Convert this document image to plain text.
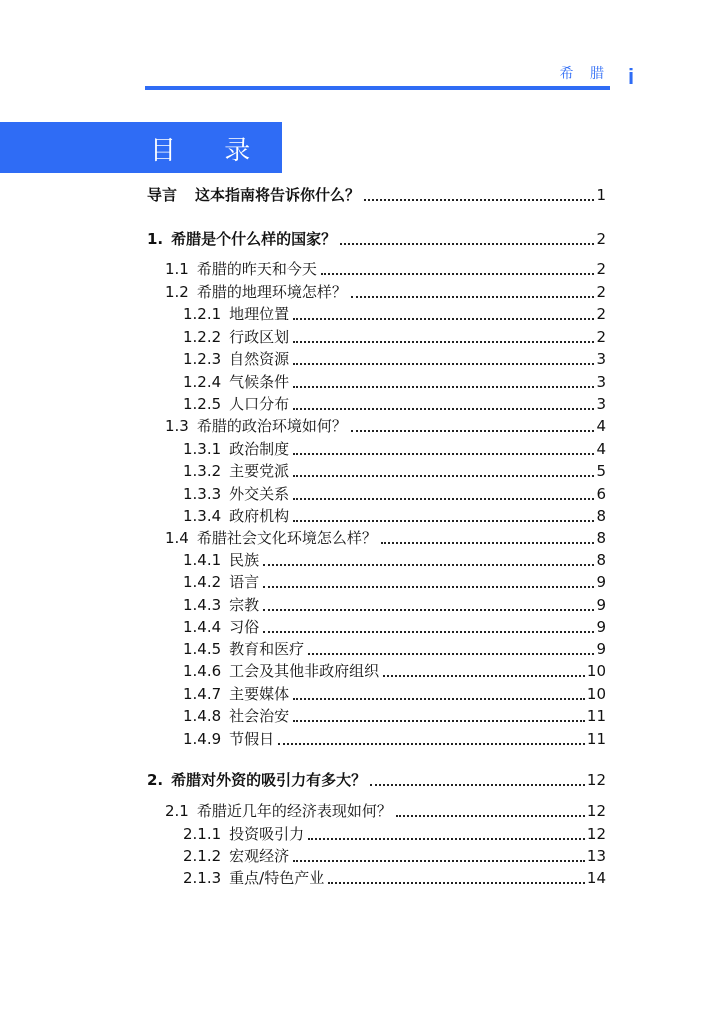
希 腊 i
目 录
导言 这本指南将告诉你什么？	1
1. 希腊是个什么样的国家？	2
1.1 希腊的昨天和今天	2
1.2 希腊的地理环境怎样？	2
1.2.1 地理位置	2
1.2.2 行政区划	2
1.2.3 自然资源	3
1.2.4 气候条件	3
1.2.5 人口分布	3
1.3 希腊的政治环境如何？	4
1.3.1 政治制度	4
1.3.2 主要党派	5
1.3.3 外交关系	6
1.3.4 政府机构	8
1.4 希腊社会文化环境怎么样？	8
1.4.1 民族	8
1.4.2 语言	9
1.4.3 宗教	9
1.4.4 习俗	9
1.4.5 教育和医疗	9
1.4.6 工会及其他非政府组织	10
1.4.7 主要媒体	10
1.4.8 社会治安	11
1.4.9 节假日	11
2. 希腊对外资的吸引力有多大？	12
2.1 希腊近几年的经济表现如何？	12
2.1.1 投资吸引力	12
2.1.2 宏观经济	13
2.1.3 重点/特色产业	14
